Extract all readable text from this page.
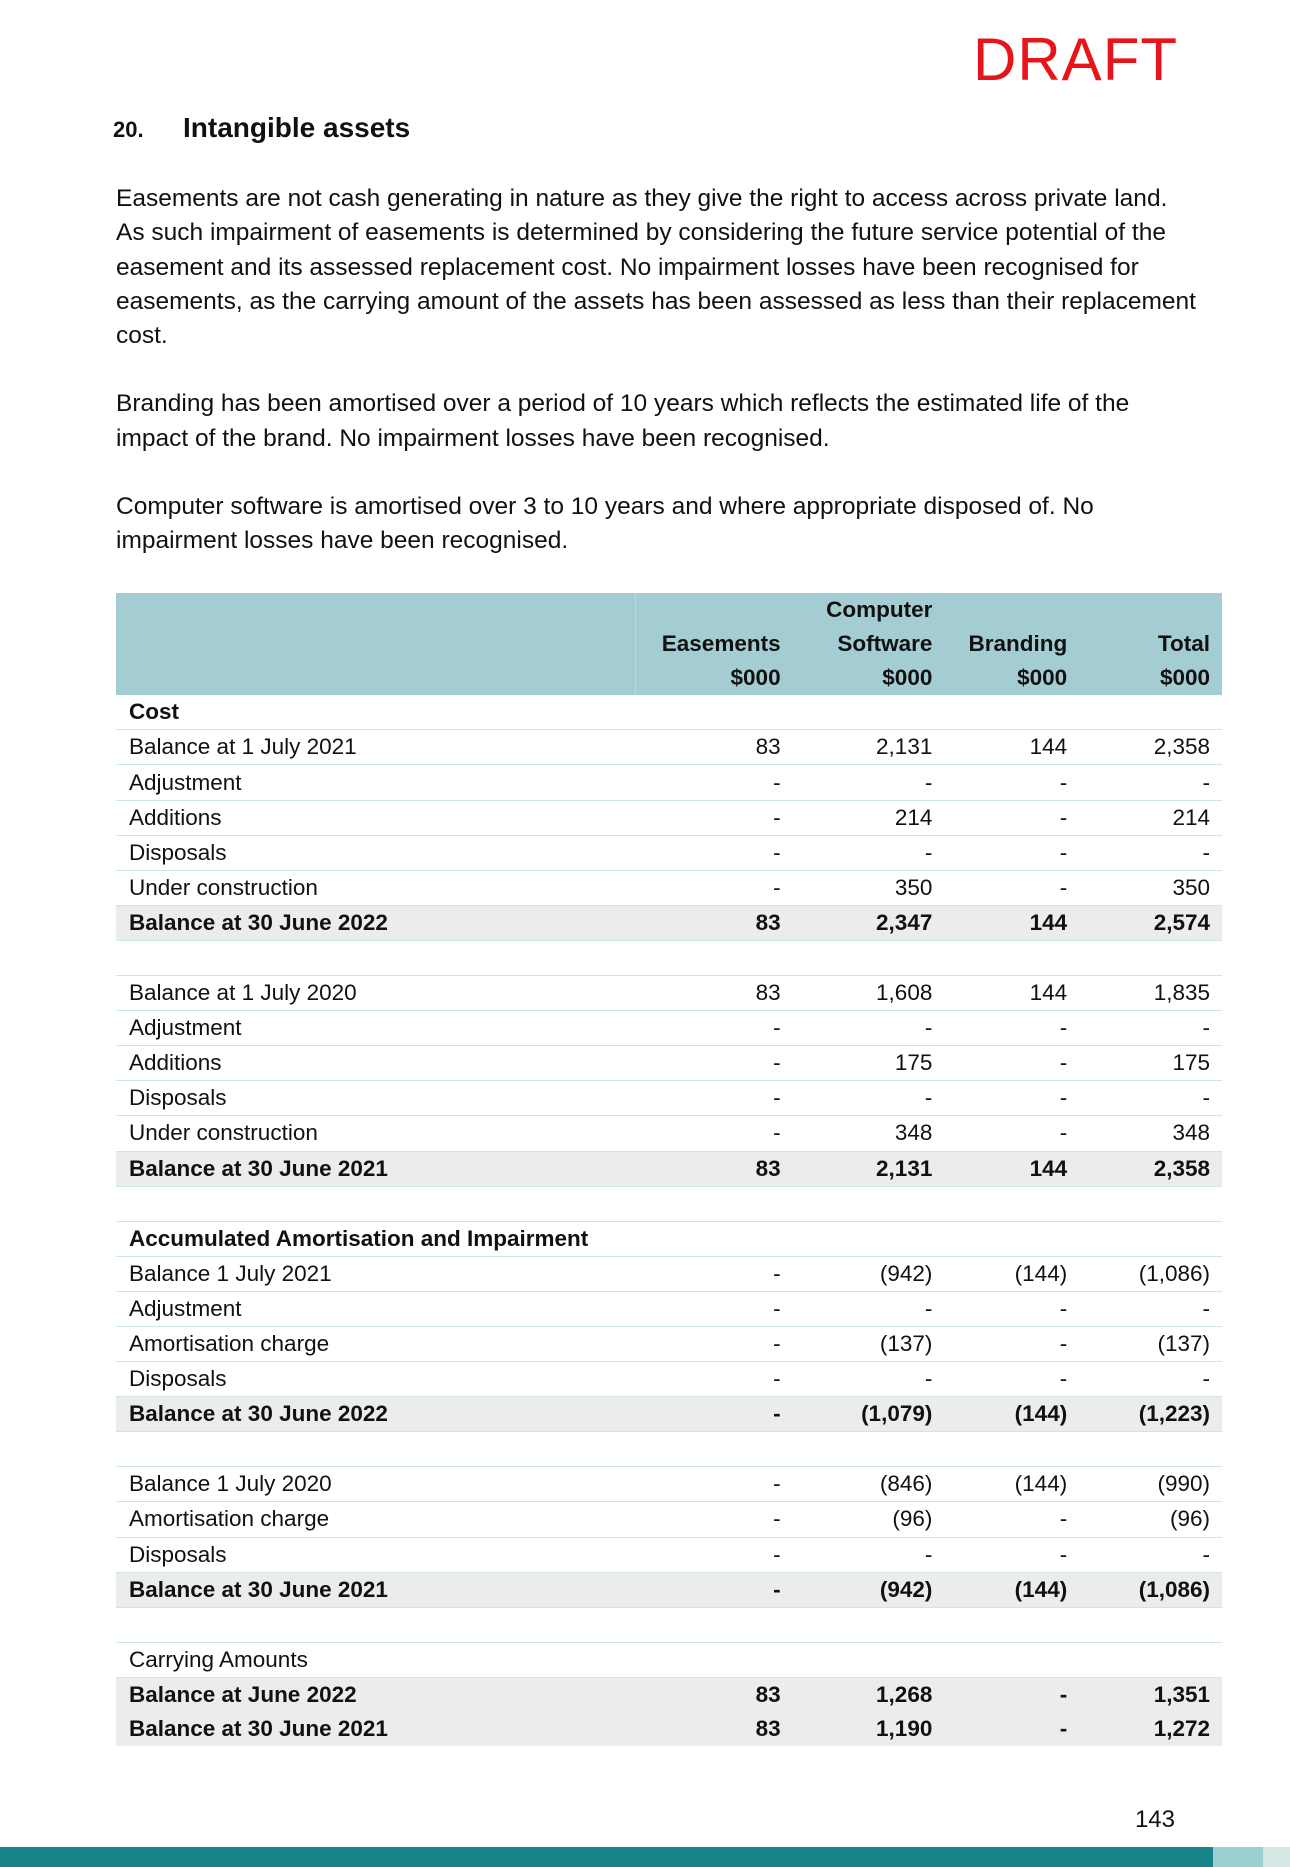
DRAFT
20.	Intangible assets

Easements are not cash generating in nature as they give the right to access across private land. As such impairment of easements is determined by considering the future service potential of the easement and its assessed replacement cost. No impairment losses have been recognised for easements, as the carrying amount of the assets has been assessed as less than their replacement cost.

Branding has been amortised over a period of 10 years which reflects the estimated life of the impact of the brand. No impairment losses have been recognised.

Computer software is amortised over 3 to 10 years and where appropriate disposed of. No impairment losses have been recognised.

		Computer		
	Easements	Software	Branding	Total
	$000	$000	$000	$000
Cost				
Balance at 1 July 2021	83	2,131	144	2,358
Adjustment	-	-	-	-
Additions	-	214	-	214
Disposals	-	-	-	-
Under construction	-	350	-	350
Balance at 30 June 2022	83	2,347	144	2,574

Balance at 1 July 2020	83	1,608	144	1,835
Adjustment	-	-	-	-
Additions	-	175	-	175
Disposals	-	-	-	-
Under construction	-	348	-	348
Balance at 30 June 2021	83	2,131	144	2,358

Accumulated Amortisation and Impairment				
Balance 1 July 2021	-	(942)	(144)	(1,086)
Adjustment	-	-	-	-
Amortisation charge	-	(137)	-	(137)
Disposals	-	-	-	-
Balance at 30 June 2022	-	(1,079)	(144)	(1,223)

Balance 1 July 2020	-	(846)	(144)	(990)
Amortisation charge	-	(96)	-	(96)
Disposals	-	-	-	-
Balance at 30 June 2021	-	(942)	(144)	(1,086)

Carrying Amounts				
Balance at June 2022	83	1,268	-	1,351
Balance at 30 June 2021	83	1,190	-	1,272
143
